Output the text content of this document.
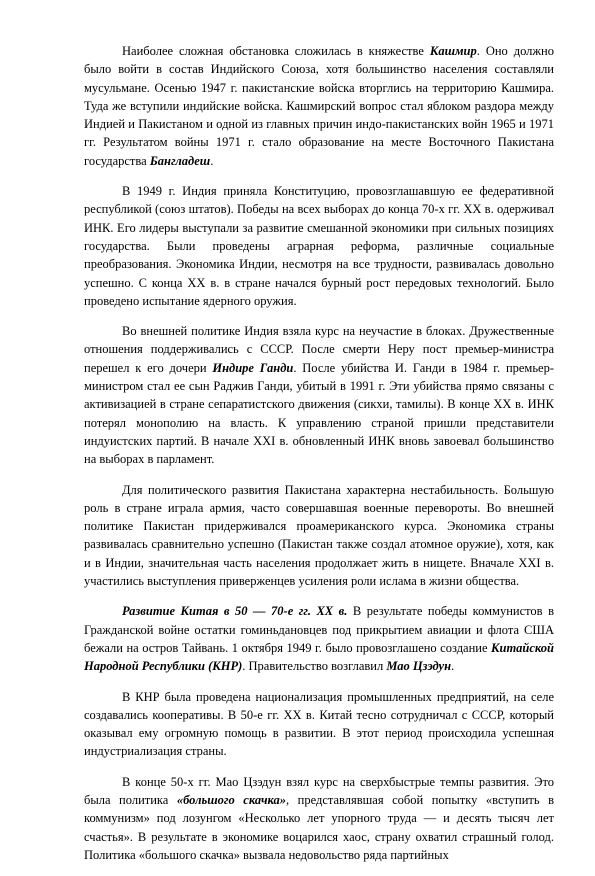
Наиболее сложная обстановка сложилась в княжестве Кашмир. Оно должно было войти в состав Индийского Союза, хотя большинство населения составляли мусульмане. Осенью 1947 г. пакистанские войска вторглись на территорию Кашмира. Туда же вступили индийские войска. Кашмирский вопрос стал яблоком раздора между Индией и Пакистаном и одной из главных причин индо-пакистанских войн 1965 и 1971 гг. Результатом войны 1971 г. стало образование на месте Восточного Пакистана государства Бангладеш.

В 1949 г. Индия приняла Конституцию, провозглашавшую ее федеративной республикой (союз штатов). Победы на всех выборах до конца 70-х гг. XX в. одерживал ИНК. Его лидеры выступали за развитие смешанной экономики при сильных позициях государства. Были проведены аграрная реформа, различные социальные преобразования. Экономика Индии, несмотря на все трудности, развивалась довольно успешно. С конца XX в. в стране начался бурный рост передовых технологий. Было проведено испытание ядерного оружия.

Во внешней политике Индия взяла курс на неучастие в блоках. Дружественные отношения поддерживались с СССР. После смерти Неру пост премьер-министра перешел к его дочери Индире Ганди. После убийства И. Ганди в 1984 г. премьер-министром стал ее сын Раджив Ганди, убитый в 1991 г. Эти убийства прямо связаны с активизацией в стране сепаратистского движения (сикхи, тамилы). В конце XX в. ИНК потерял монополию на власть. К управлению страной пришли представители индуистских партий. В начале XXI в. обновленный ИНК вновь завоевал большинство на выборах в парламент.

Для политического развития Пакистана характерна нестабильность. Большую роль в стране играла армия, часто совершавшая военные перевороты. Во внешней политике Пакистан придерживался проамериканского курса. Экономика страны развивалась сравнительно успешно (Пакистан также создал атомное оружие), хотя, как и в Индии, значительная часть населения продолжает жить в нищете. Вначале XXI в. участились выступления приверженцев усиления роли ислама в жизни общества.

Развитие Китая в 50 — 70-е гг. XX в. В результате победы коммунистов в Гражданской войне остатки гоминьдановцев под прикрытием авиации и флота США бежали на остров Тайвань. 1 октября 1949 г. было провозглашено создание Китайской Народной Республики (КНР). Правительство возглавил Мао Цзэдун.

В КНР была проведена национализация промышленных предприятий, на селе создавались кооперативы. В 50-е гг. XX в. Китай тесно сотрудничал с СССР, который оказывал ему огромную помощь в развитии. В этот период происходила успешная индустриализация страны.

В конце 50-х гг. Мао Цзэдун взял курс на сверхбыстрые темпы развития. Это была политика «большого скачка», представлявшая собой попытку «вступить в коммунизм» под лозунгом «Несколько лет упорного труда — и десять тысяч лет счастья». В результате в экономике воцарился хаос, страну охватил страшный голод. Политика «большого скачка» вызвала недовольство ряда партийных
